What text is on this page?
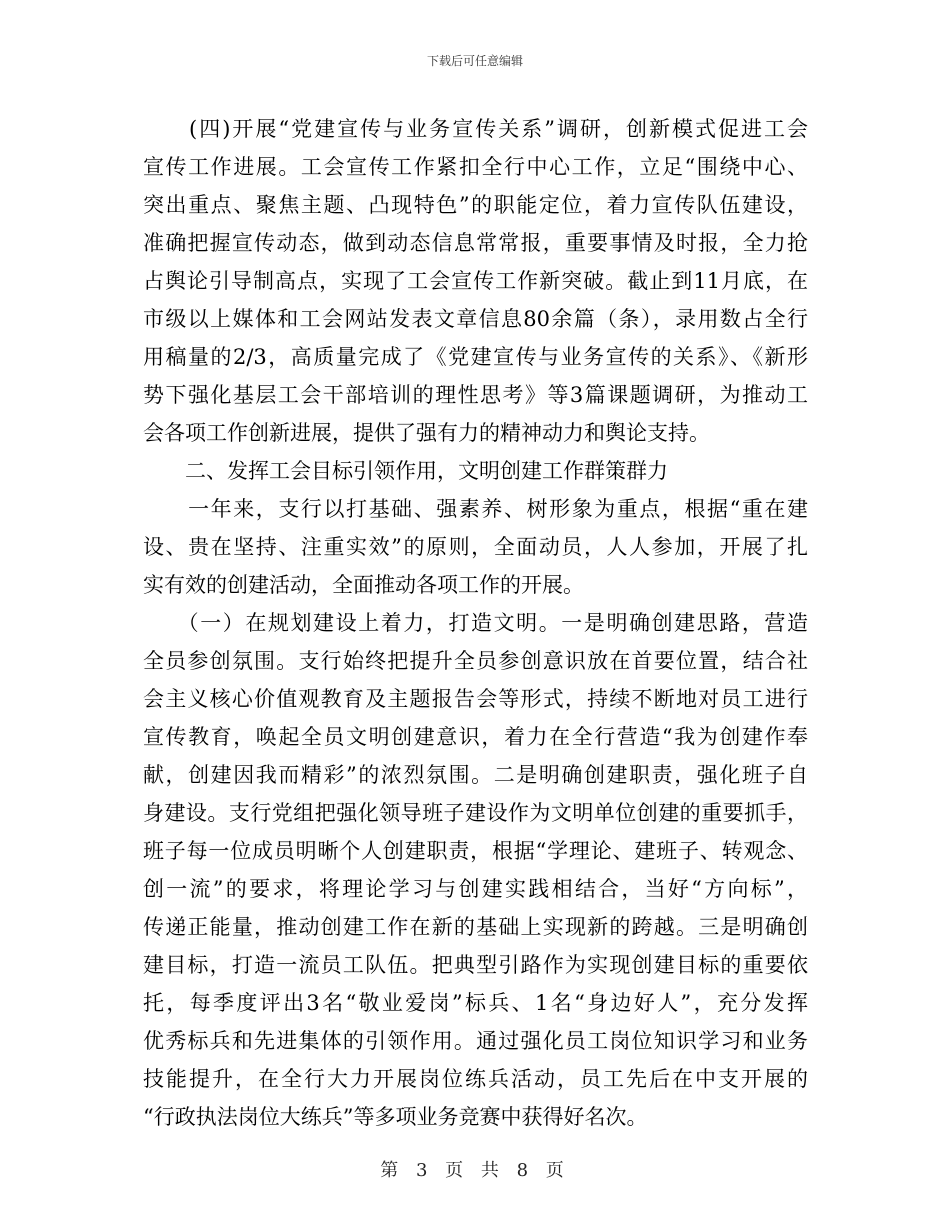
下载后可任意编辑
　　(四)开展“党建宣传与业务宣传关系”调研，创新模式促进工会
宣传工作进展。工会宣传工作紧扣全行中心工作，立足“围绕中心、
突出重点、聚焦主题、凸现特色”的职能定位，着力宣传队伍建设，
准确把握宣传动态，做到动态信息常常报，重要事情及时报，全力抢
占舆论引导制高点，实现了工会宣传工作新突破。截止到11月底，在
市级以上媒体和工会网站发表文章信息80余篇（条），录用数占全行
用稿量的2/3，高质量完成了《党建宣传与业务宣传的关系》、《新形
势下强化基层工会干部培训的理性思考》等3篇课题调研，为推动工
会各项工作创新进展，提供了强有力的精神动力和舆论支持。
　　二、发挥工会目标引领作用，文明创建工作群策群力
　　一年来，支行以打基础、强素养、树形象为重点，根据“重在建
设、贵在坚持、注重实效”的原则，全面动员，人人参加，开展了扎
实有效的创建活动，全面推动各项工作的开展。
　　（一）在规划建设上着力，打造文明。一是明确创建思路，营造
全员参创氛围。支行始终把提升全员参创意识放在首要位置，结合社
会主义核心价值观教育及主题报告会等形式，持续不断地对员工进行
宣传教育，唤起全员文明创建意识，着力在全行营造“我为创建作奉
献，创建因我而精彩”的浓烈氛围。二是明确创建职责，强化班子自
身建设。支行党组把强化领导班子建设作为文明单位创建的重要抓手，
班子每一位成员明晰个人创建职责，根据“学理论、建班子、转观念、
创一流”的要求，将理论学习与创建实践相结合，当好“方向标”，
传递正能量，推动创建工作在新的基础上实现新的跨越。三是明确创
建目标，打造一流员工队伍。把典型引路作为实现创建目标的重要依
托，每季度评出3名“敬业爱岗”标兵、1名“身边好人”，充分发挥
优秀标兵和先进集体的引领作用。通过强化员工岗位知识学习和业务
技能提升，在全行大力开展岗位练兵活动，员工先后在中支开展的
“行政执法岗位大练兵”等多项业务竞赛中获得好名次。
第 3 页 共 8 页
